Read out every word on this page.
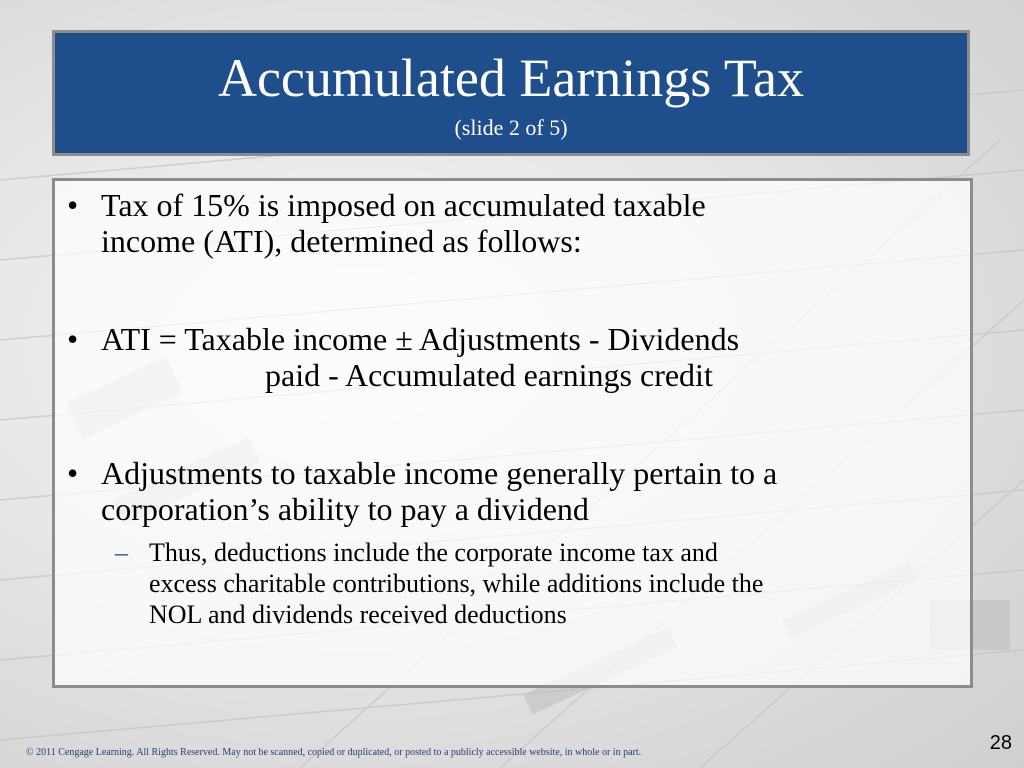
Accumulated Earnings Tax
(slide 2 of 5)
• Tax of 15% is imposed on accumulated taxable
income (ATI), determined as follows:
• ATI = Taxable income ± Adjustments - Dividends
paid - Accumulated earnings credit
• Adjustments to taxable income generally pertain to a
corporation’s ability to pay a dividend
– Thus, deductions include the corporate income tax and
excess charitable contributions, while additions include the
NOL and dividends received deductions
© 2011 Cengage Learning. All Rights Reserved. May not be scanned, copied or duplicated, or posted to a publicly accessible website, in whole or in part.	28
